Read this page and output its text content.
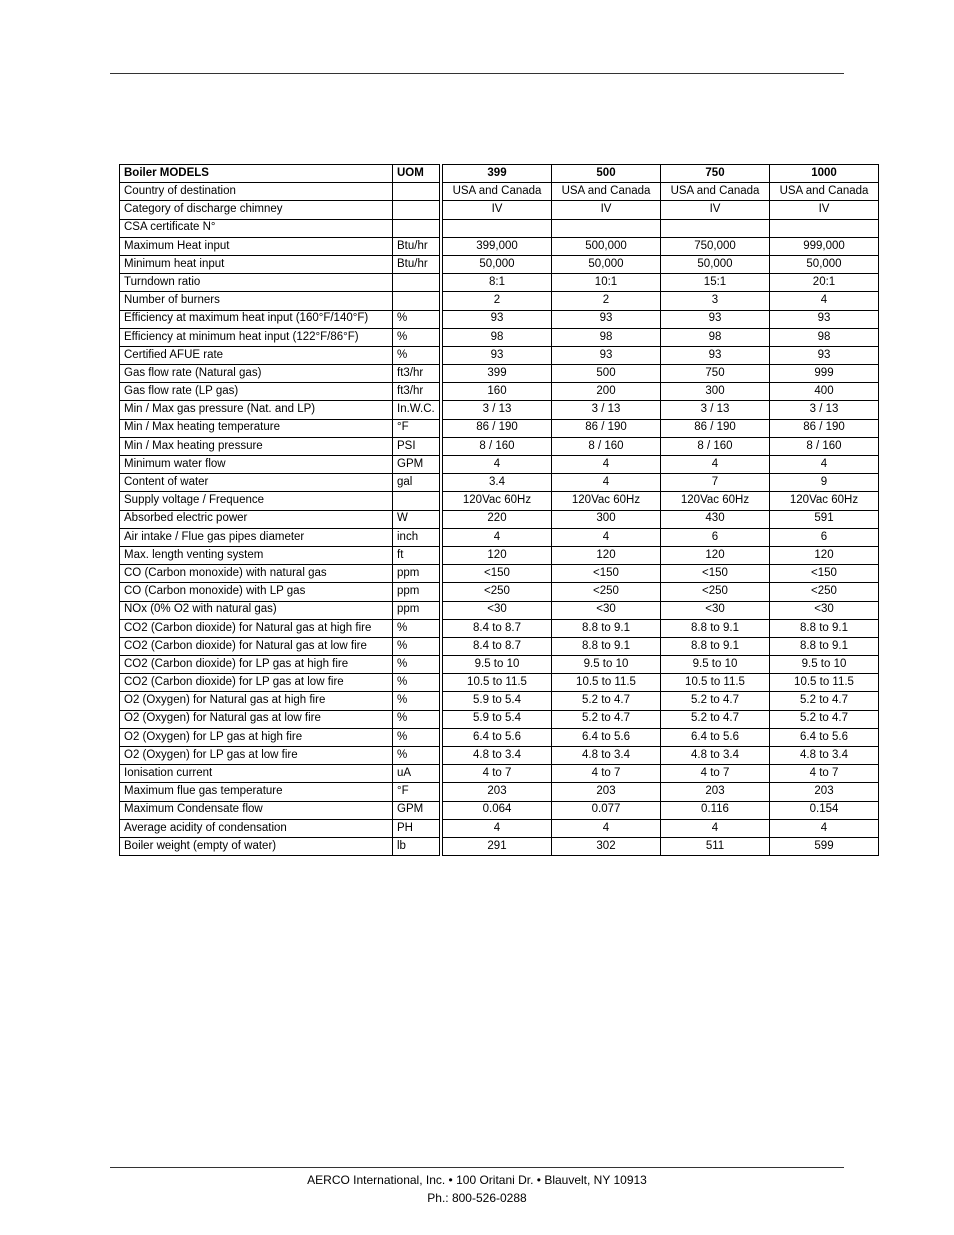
Boiler MODELS	UOM		399	500	750	1000
Country of destination			USA and Canada	USA and Canada	USA and Canada	USA and Canada
Category of discharge chimney			IV	IV	IV	IV
CSA certificate N°						
Maximum Heat input	Btu/hr		399,000	500,000	750,000	999,000
Minimum heat input	Btu/hr		50,000	50,000	50,000	50,000
Turndown ratio			8:1	10:1	15:1	20:1
Number of burners			2	2	3	4
Efficiency at maximum heat input (160°F/140°F)	%		93	93	93	93
Efficiency at minimum heat input (122°F/86°F)	%		98	98	98	98
Certified AFUE rate	%		93	93	93	93
Gas flow rate (Natural gas)	ft3/hr		399	500	750	999
Gas flow rate (LP gas)	ft3/hr		160	200	300	400
Min / Max gas pressure (Nat. and LP)	In.W.C.		3 / 13	3 / 13	3 / 13	3 / 13
Min / Max heating temperature	°F		86 / 190	86 / 190	86 / 190	86 / 190
Min / Max heating pressure	PSI		8 / 160	8 / 160	8 / 160	8 / 160
Minimum water flow	GPM		4	4	4	4
Content of water	gal		3.4	4	7	9
Supply voltage / Frequence			120Vac 60Hz	120Vac 60Hz	120Vac 60Hz	120Vac 60Hz
Absorbed electric power	W		220	300	430	591
Air intake / Flue gas pipes diameter	inch		4	4	6	6
Max. length venting system	ft		120	120	120	120
CO (Carbon monoxide) with natural gas	ppm		<150	<150	<150	<150
CO (Carbon monoxide) with LP gas	ppm		<250	<250	<250	<250
NOx (0% O2 with natural gas)	ppm		<30	<30	<30	<30
CO2 (Carbon dioxide) for Natural gas at high fire	%		8.4 to 8.7	8.8 to 9.1	8.8 to 9.1	8.8 to 9.1
CO2 (Carbon dioxide) for Natural gas at low fire	%		8.4 to 8.7	8.8 to 9.1	8.8 to 9.1	8.8 to 9.1
CO2 (Carbon dioxide) for LP gas at high fire	%		9.5 to 10	9.5 to 10	9.5 to 10	9.5 to 10
CO2 (Carbon dioxide) for LP gas at low fire	%		10.5 to 11.5	10.5 to 11.5	10.5 to 11.5	10.5 to 11.5
O2 (Oxygen) for Natural gas at high fire	%		5.9 to 5.4	5.2 to 4.7	5.2 to 4.7	5.2 to 4.7
O2 (Oxygen) for Natural gas at low fire	%		5.9 to 5.4	5.2 to 4.7	5.2 to 4.7	5.2 to 4.7
O2 (Oxygen) for LP gas at high fire	%		6.4 to 5.6	6.4 to 5.6	6.4 to 5.6	6.4 to 5.6
O2 (Oxygen) for LP gas at low fire	%		4.8 to 3.4	4.8 to 3.4	4.8 to 3.4	4.8 to 3.4
Ionisation current	uA		4 to 7	4 to 7	4 to 7	4 to 7
Maximum flue gas temperature	°F		203	203	203	203
Maximum Condensate flow	GPM		0.064	0.077	0.116	0.154
Average acidity of condensation	PH		4	4	4	4
Boiler weight (empty of water)	lb		291	302	511	599
AERCO International, Inc. • 100 Oritani Dr. • Blauvelt, NY 10913
Ph.: 800-526-0288
